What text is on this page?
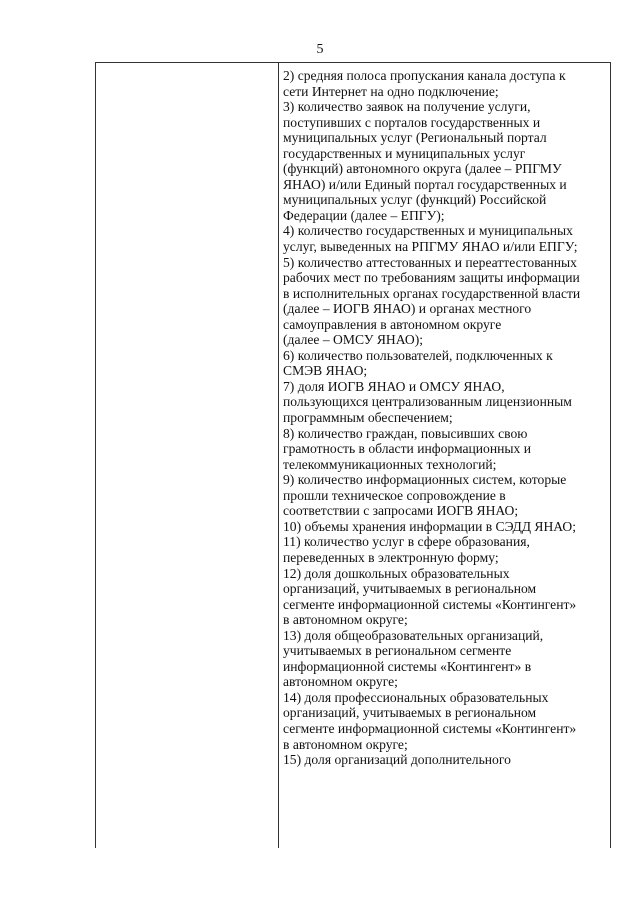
5
2) средняя полоса пропускания канала доступа к
сети Интернет на одно подключение;
3) количество заявок на получение услуги,
поступивших с порталов государственных и
муниципальных услуг (Региональный портал
государственных и муниципальных услуг
(функций) автономного округа (далее – РПГМУ
ЯНАО) и/или Единый портал государственных и
муниципальных услуг (функций) Российской
Федерации (далее – ЕПГУ);
4) количество государственных и муниципальных
услуг, выведенных на РПГМУ ЯНАО и/или ЕПГУ;
5) количество аттестованных и переаттестованных
рабочих мест по требованиям защиты информации
в исполнительных органах государственной власти
(далее – ИОГВ ЯНАО) и органах местного
самоуправления в автономном округе
(далее – ОМСУ ЯНАО);
6) количество пользователей, подключенных к
СМЭВ ЯНАО;
7) доля ИОГВ ЯНАО и ОМСУ ЯНАО,
пользующихся централизованным лицензионным
программным обеспечением;
8) количество граждан, повысивших свою
грамотность в области информационных и
телекоммуникационных технологий;
9) количество информационных систем, которые
прошли техническое сопровождение в
соответствии с запросами ИОГВ ЯНАО;
10) объемы хранения информации в СЭДД ЯНАО;
11) количество услуг в сфере образования,
переведенных в электронную форму;
12) доля дошкольных образовательных
организаций, учитываемых в региональном
сегменте информационной системы «Контингент»
в автономном округе;
13) доля общеобразовательных организаций,
учитываемых в региональном сегменте
информационной системы «Контингент» в
автономном округе;
14) доля профессиональных образовательных
организаций, учитываемых в региональном
сегменте информационной системы «Контингент»
в автономном округе;
15) доля организаций дополнительного
